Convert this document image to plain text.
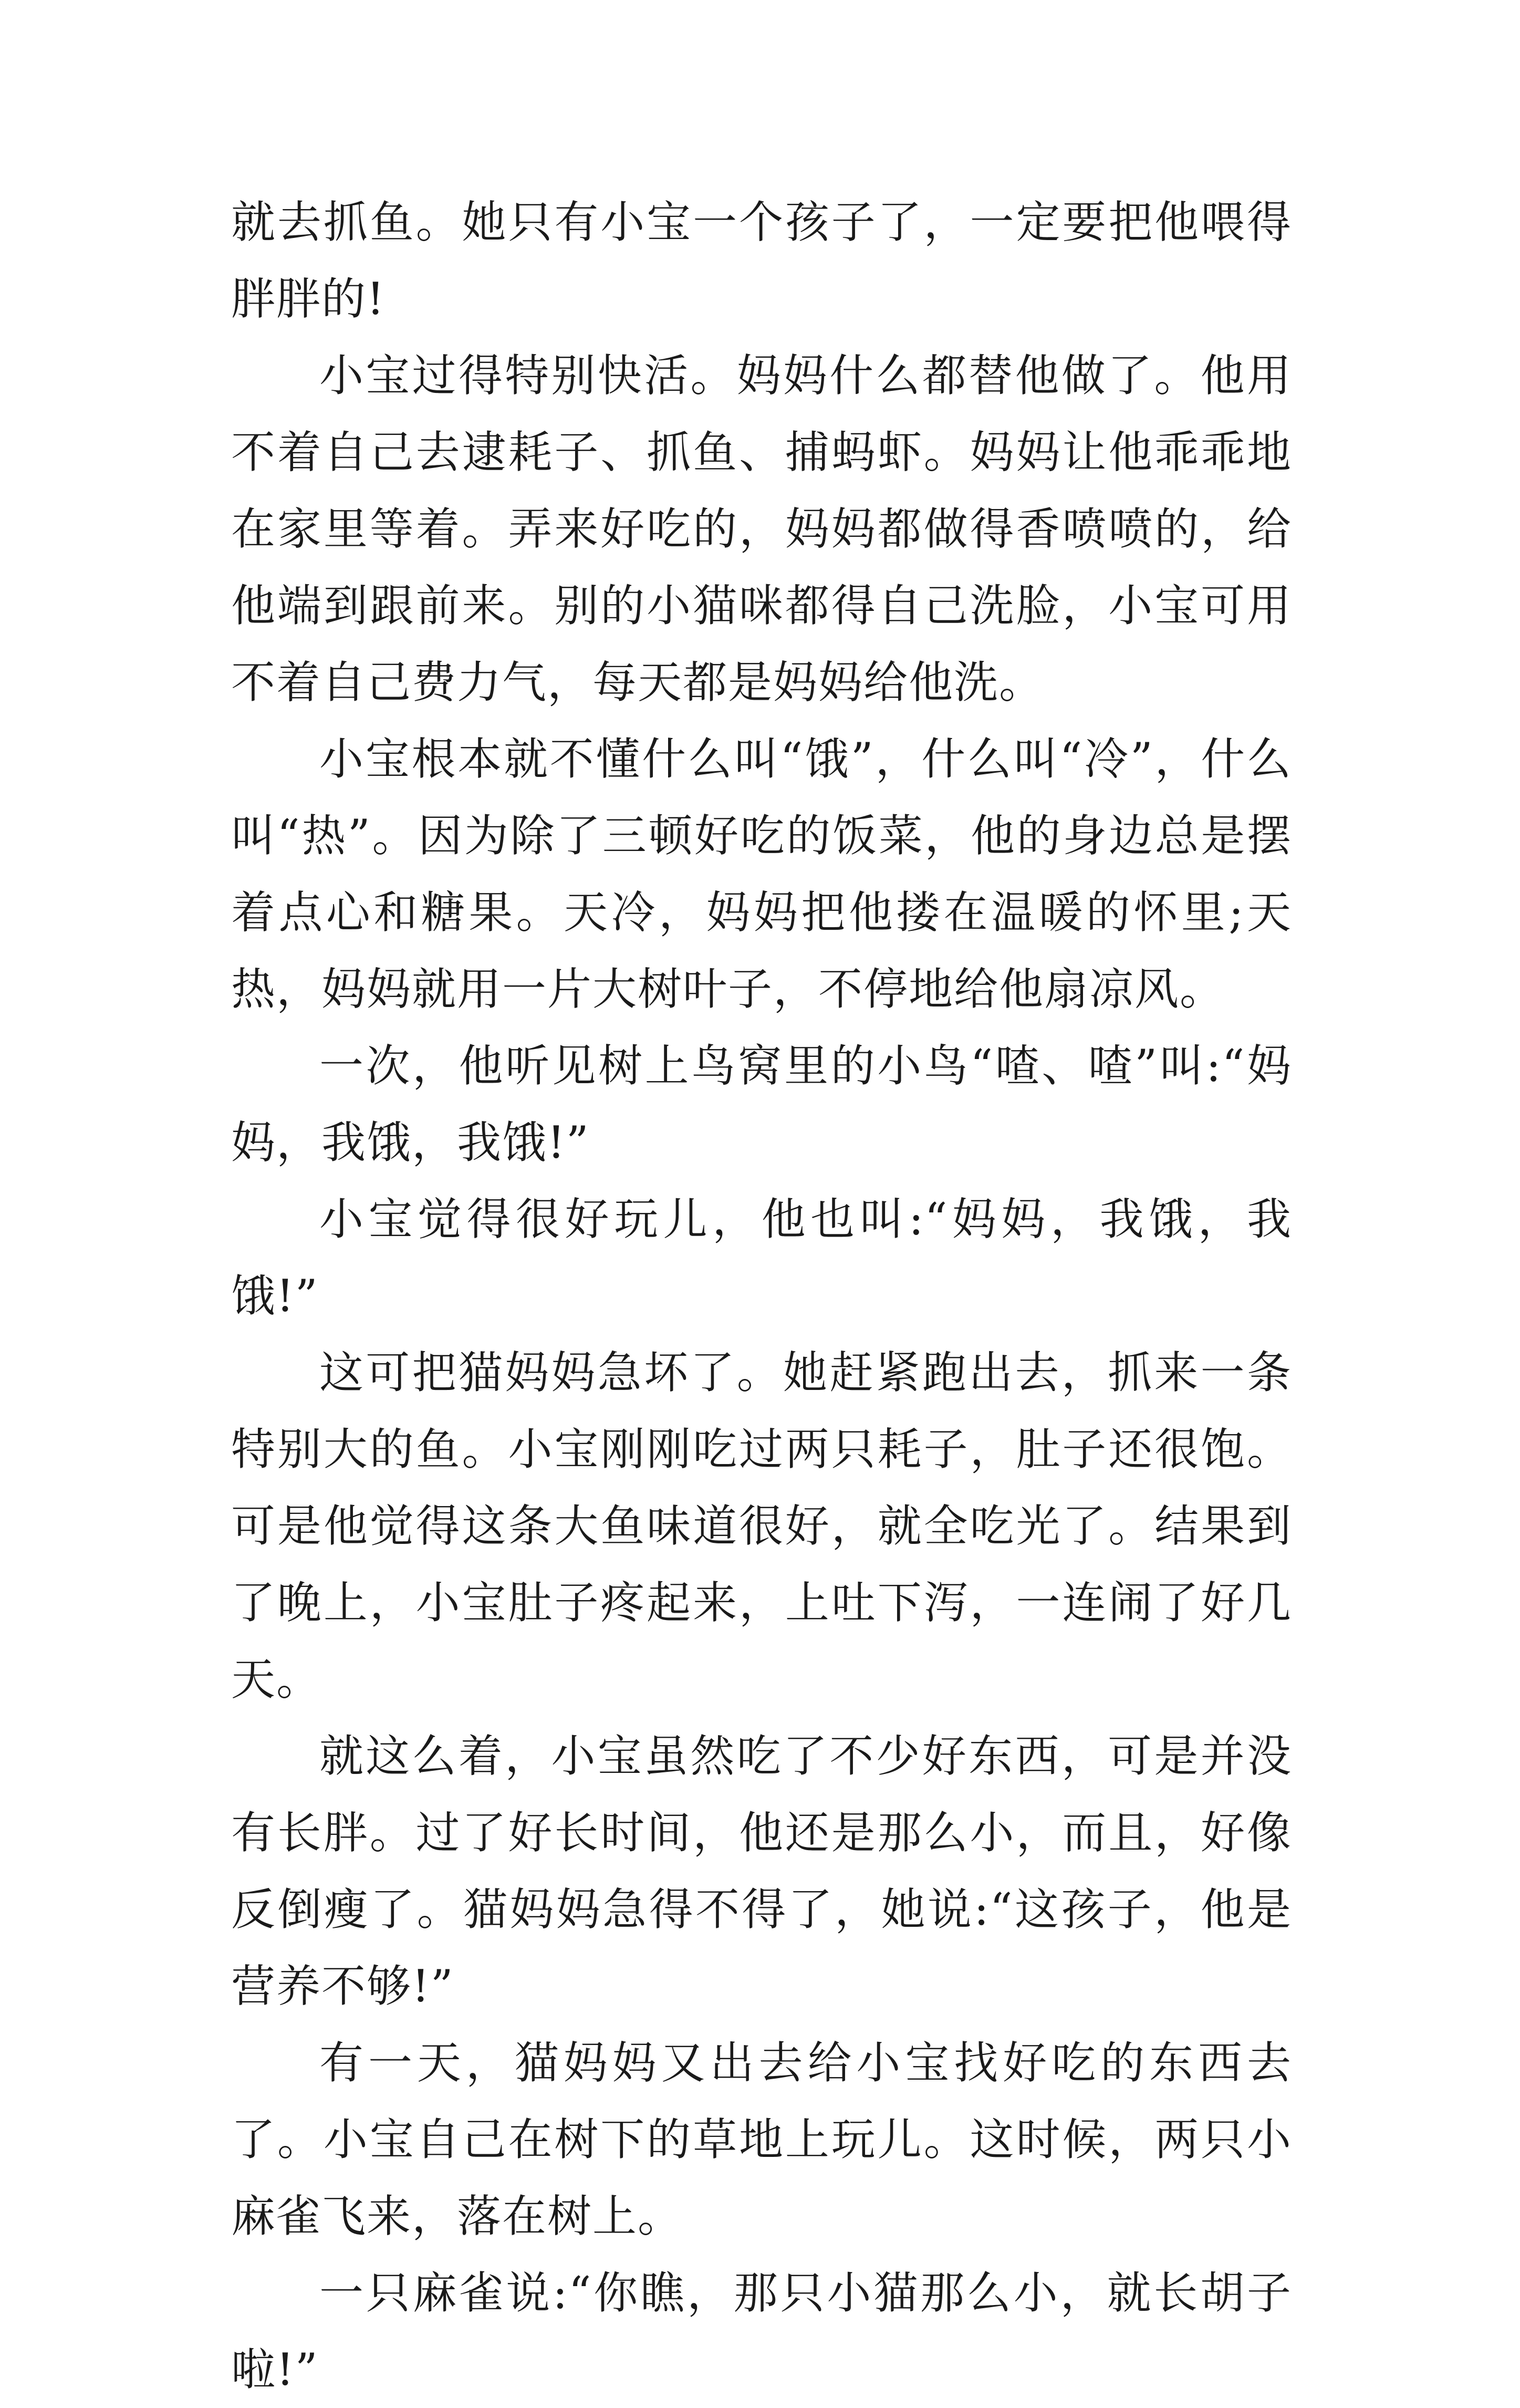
就去抓鱼。她只有小宝一个孩子了，一定要把他喂得胖胖的!

小宝过得特别快活。妈妈什么都替他做了。他用不着自己去逮耗子、抓鱼、捕蚂虾。妈妈让他乖乖地在家里等着。弄来好吃的，妈妈都做得香喷喷的，给他端到跟前来。别的小猫咪都得自己洗脸，小宝可用不着自己费力气，每天都是妈妈给他洗。

小宝根本就不懂什么叫“饿”，什么叫“冷”，什么叫“热”。因为除了三顿好吃的饭菜，他的身边总是摆着点心和糖果。天冷，妈妈把他搂在温暖的怀里;天热，妈妈就用一片大树叶子，不停地给他扇凉风。

一次，他听见树上鸟窝里的小鸟“喳、喳”叫:“妈妈，我饿，我饿!”

小宝觉得很好玩儿，他也叫:“妈妈，我饿，我饿!”

这可把猫妈妈急坏了。她赶紧跑出去，抓来一条特别大的鱼。小宝刚刚吃过两只耗子，肚子还很饱。可是他觉得这条大鱼味道很好，就全吃光了。结果到了晚上，小宝肚子疼起来，上吐下泻，一连闹了好几天。

就这么着，小宝虽然吃了不少好东西，可是并没有长胖。过了好长时间，他还是那么小，而且，好像反倒瘦了。猫妈妈急得不得了，她说:“这孩子，他是营养不够!”

有一天，猫妈妈又出去给小宝找好吃的东西去了。小宝自己在树下的草地上玩儿。这时候，两只小麻雀飞来，落在树上。

一只麻雀说:“你瞧，那只小猫那么小，就长胡子啦!”
